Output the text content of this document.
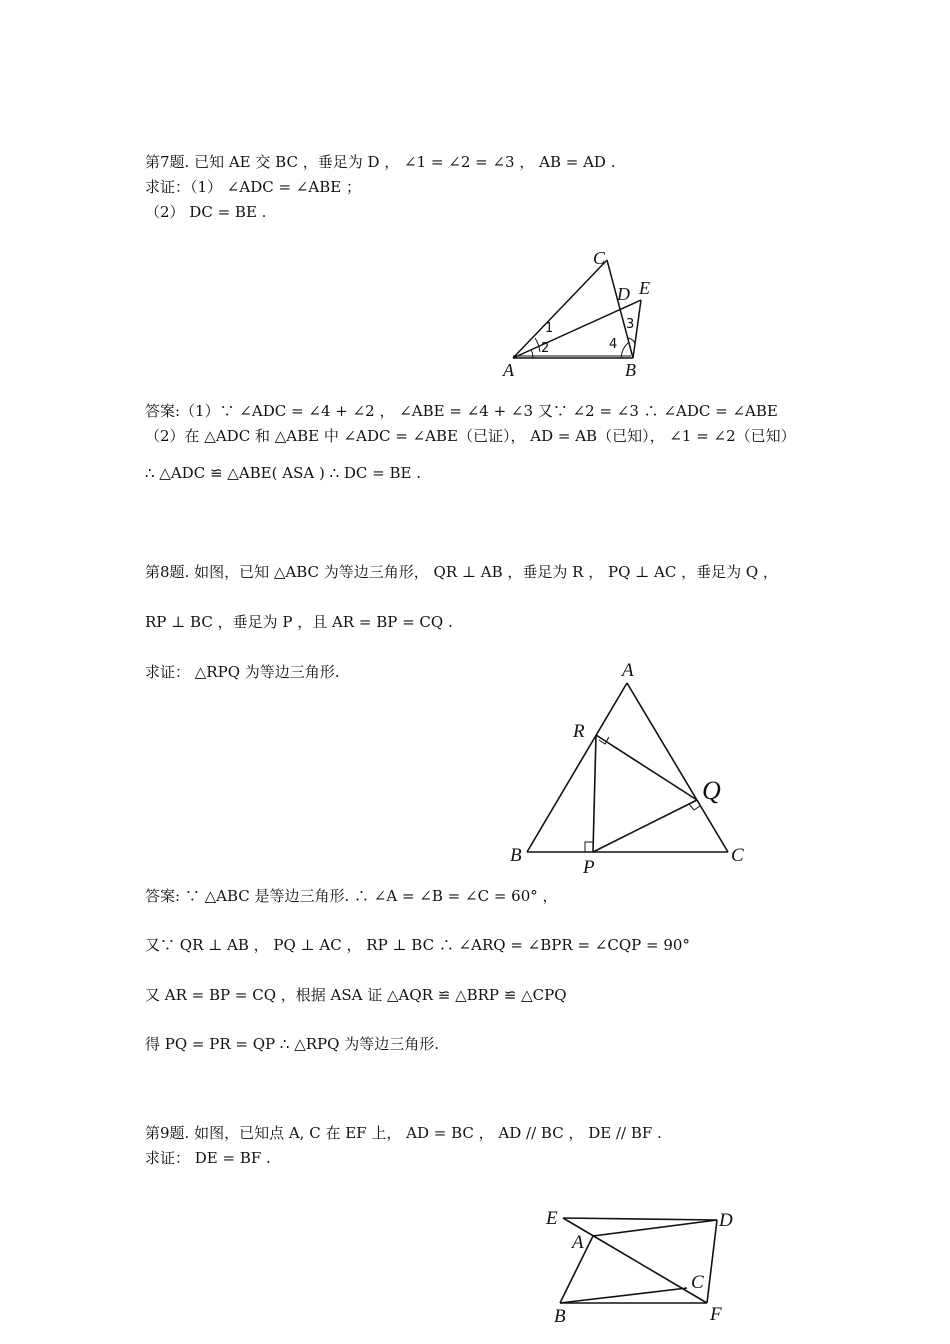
第7题. 已知 AE 交 BC ，垂足为 D ， ∠1 = ∠2 = ∠3 ， AB = AD .
求证：（1） ∠ADC = ∠ABE ；
（2） DC = BE .
A	B
C
D E
1
2
3
4
答案:（1）∵ ∠ADC = ∠4 + ∠2 ， ∠ABE = ∠4 + ∠3 又∵ ∠2 = ∠3 ∴ ∠ADC = ∠ABE
（2）在 △ADC 和 △ABE 中 ∠ADC = ∠ABE（已证）， AD = AB（已知）， ∠1 = ∠2（已知）
∴ △ADC ≌ △ABE( ASA ) ∴ DC = BE .
第8题. 如图，已知 △ABC 为等边三角形， QR ⊥ AB ，垂足为 R ， PQ ⊥ AC ，垂足为 Q ，
RP ⊥ BC ，垂足为 P ，且 AR = BP = CQ .
求证： △RPQ 为等边三角形.	A
B	C
P
Q
R
答案: ∵ △ABC 是等边三角形. ∴ ∠A = ∠B = ∠C = 60° ，
又∵ QR ⊥ AB ， PQ ⊥ AC ， RP ⊥ BC ∴ ∠ARQ = ∠BPR = ∠CQP = 90°
又 AR = BP = CQ ，根据 ASA 证 △AQR ≌ △BRP ≌ △CPQ
得 PQ = PR = QP ∴ △RPQ 为等边三角形.
第9题. 如图，已知点 A, C 在 EF 上， AD = BC ， AD // BC ， DE // BF .
求证： DE = BF .
E	D
A
C
B	F
